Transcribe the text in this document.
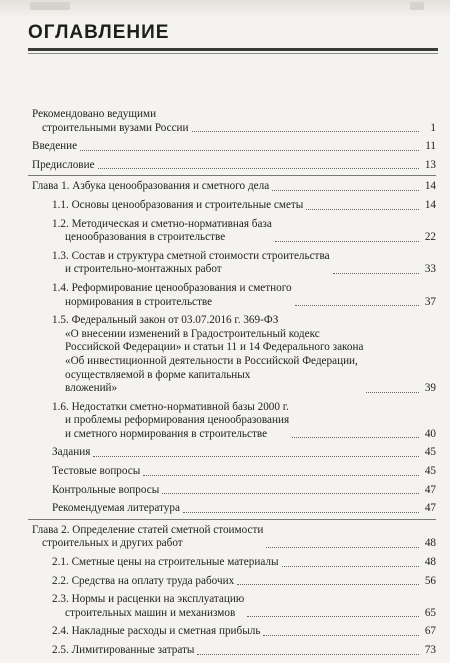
ОГЛАВЛЕНИЕ
Рекомендовано ведущими
строительными вузами России	1
Введение	11
Предисловие	13
Глава 1. Азбука ценообразования и сметного дела	14
1.1. Основы ценообразования и строительные сметы	14
1.2. Методическая и сметно-нормативная база
ценообразования в строительстве	22
1.3. Состав и структура сметной стоимости строительства
и строительно-монтажных работ	33
1.4. Реформирование ценообразования и сметного
нормирования в строительстве	37
1.5. Федеральный закон от 03.07.2016 г. 369-ФЗ
«О внесении изменений в Градостроительный кодекс
Российской Федерации» и статьи 11 и 14 Федерального закона
«Об инвестиционной деятельности в Российской Федерации,
осуществляемой в форме капитальных
вложений»	39
1.6. Недостатки сметно-нормативной базы 2000 г.
и проблемы реформирования ценообразования
и сметного нормирования в строительстве	40
Задания	45
Тестовые вопросы	45
Контрольные вопросы	47
Рекомендуемая литература	47
Глава 2. Определение статей сметной стоимости
строительных и других работ	48
2.1. Сметные цены на строительные материалы	48
2.2. Средства на оплату труда рабочих	56
2.3. Нормы и расценки на эксплуатацию
строительных машин и механизмов	65
2.4. Накладные расходы и сметная прибыль	67
2.5. Лимитированные затраты	73
